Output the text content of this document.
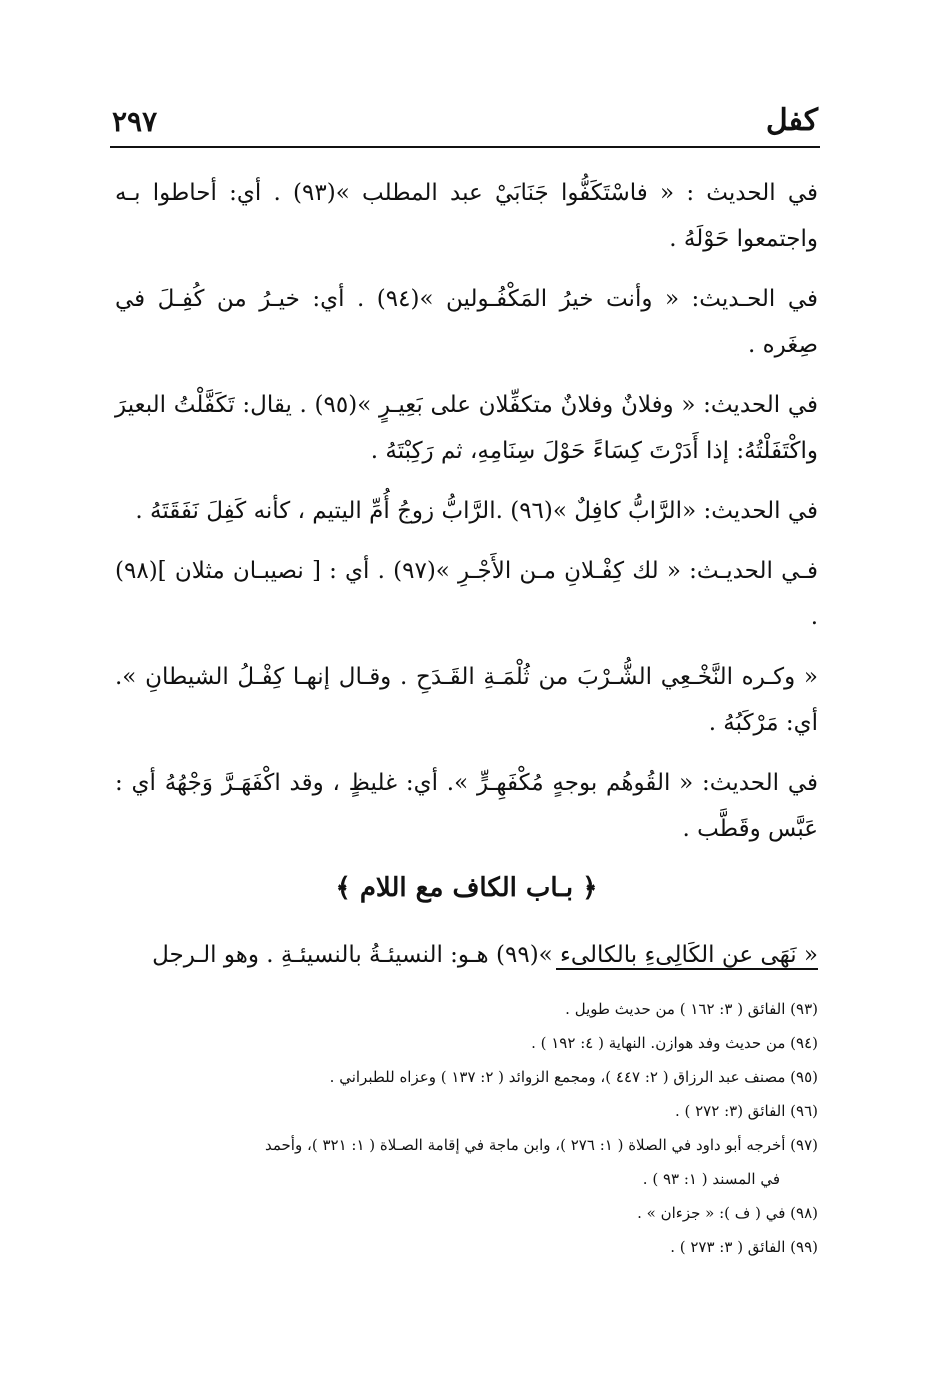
كفل
٢٩٧

في الحديث : « فاسْتَكَفُّوا جَنَابَيْ عبد المطلب »(٩٣) . أي: أحاطوا بـه واجتمعوا حَوْلَهُ .

في الحـديث: « وأنت خيرُ المَكْفُـولين »(٩٤) . أي: خيـرُ من كُفِـلَ في صِغَره .

في الحديث: « وفلانٌ وفلانٌ متكفِّلان على بَعِيـرٍ »(٩٥) . يقال: تَكَفَّلْتُ البعيرَ واكْتَفَلْتُهُ: إذا أَدَرْتَ كِسَاءً حَوْلَ سِنَامِهِ، ثم رَكِبْتَهُ .

في الحديث: «الرَّابُّ كافِلٌ »(٩٦) .الرَّابُّ زوجُ أُمِّ اليتيم ، كأنه كَفِلَ نَفَقَتَهُ .

فـي الحديـث: « لك كِفْـلانِ مـن الأَجْـرِ »(٩٧) . أي : [ نصيبـان مثلان ](٩٨) .

« وكـره النَّخْـعِي الشُّـرْبَ من ثُلْمَـةِ القَـدَحِ . وقـال إنهـا كِفْـلُ الشيطانِ ». أي: مَرْكَبُهُ .

في الحديث: « القُوهُم بوجهٍ مُكْفَهِـرٍّ ». أي: غليظٍ ، وقد اكْفَهَـرَّ وَجْهُهُ أي : عَبَّس وقَطَّب .

﴿ بـاب الكاف مع اللام ﴾

« نَهَى عن الكَالِىءِ بالكالىء »(٩٩) هـو: النسيئـةُ بالنسيئـةِ . وهو الـرجل

(٩٣) الفائق ( ٣: ١٦٢ ) من حديث طويل .

(٩٤) من حديث وفد هوازن. النهاية ( ٤: ١٩٢ ) .

(٩٥) مصنف عبد الرزاق ( ٢: ٤٤٧ )، ومجمع الزوائد ( ٢: ١٣٧ ) وعزاه للطبراني .

(٩٦) الفائق (٣: ٢٧٢ ) .

(٩٧) أخرجه أبو داود في الصلاة ( ١: ٢٧٦ )، وابن ماجة في إقامة الصـلاة ( ١: ٣٢١ )، وأحمد

في المسند ( ١: ٩٣ ) .

(٩٨) في ( ف ): « جزءان » .

(٩٩) الفائق ( ٣: ٢٧٣ ) .
